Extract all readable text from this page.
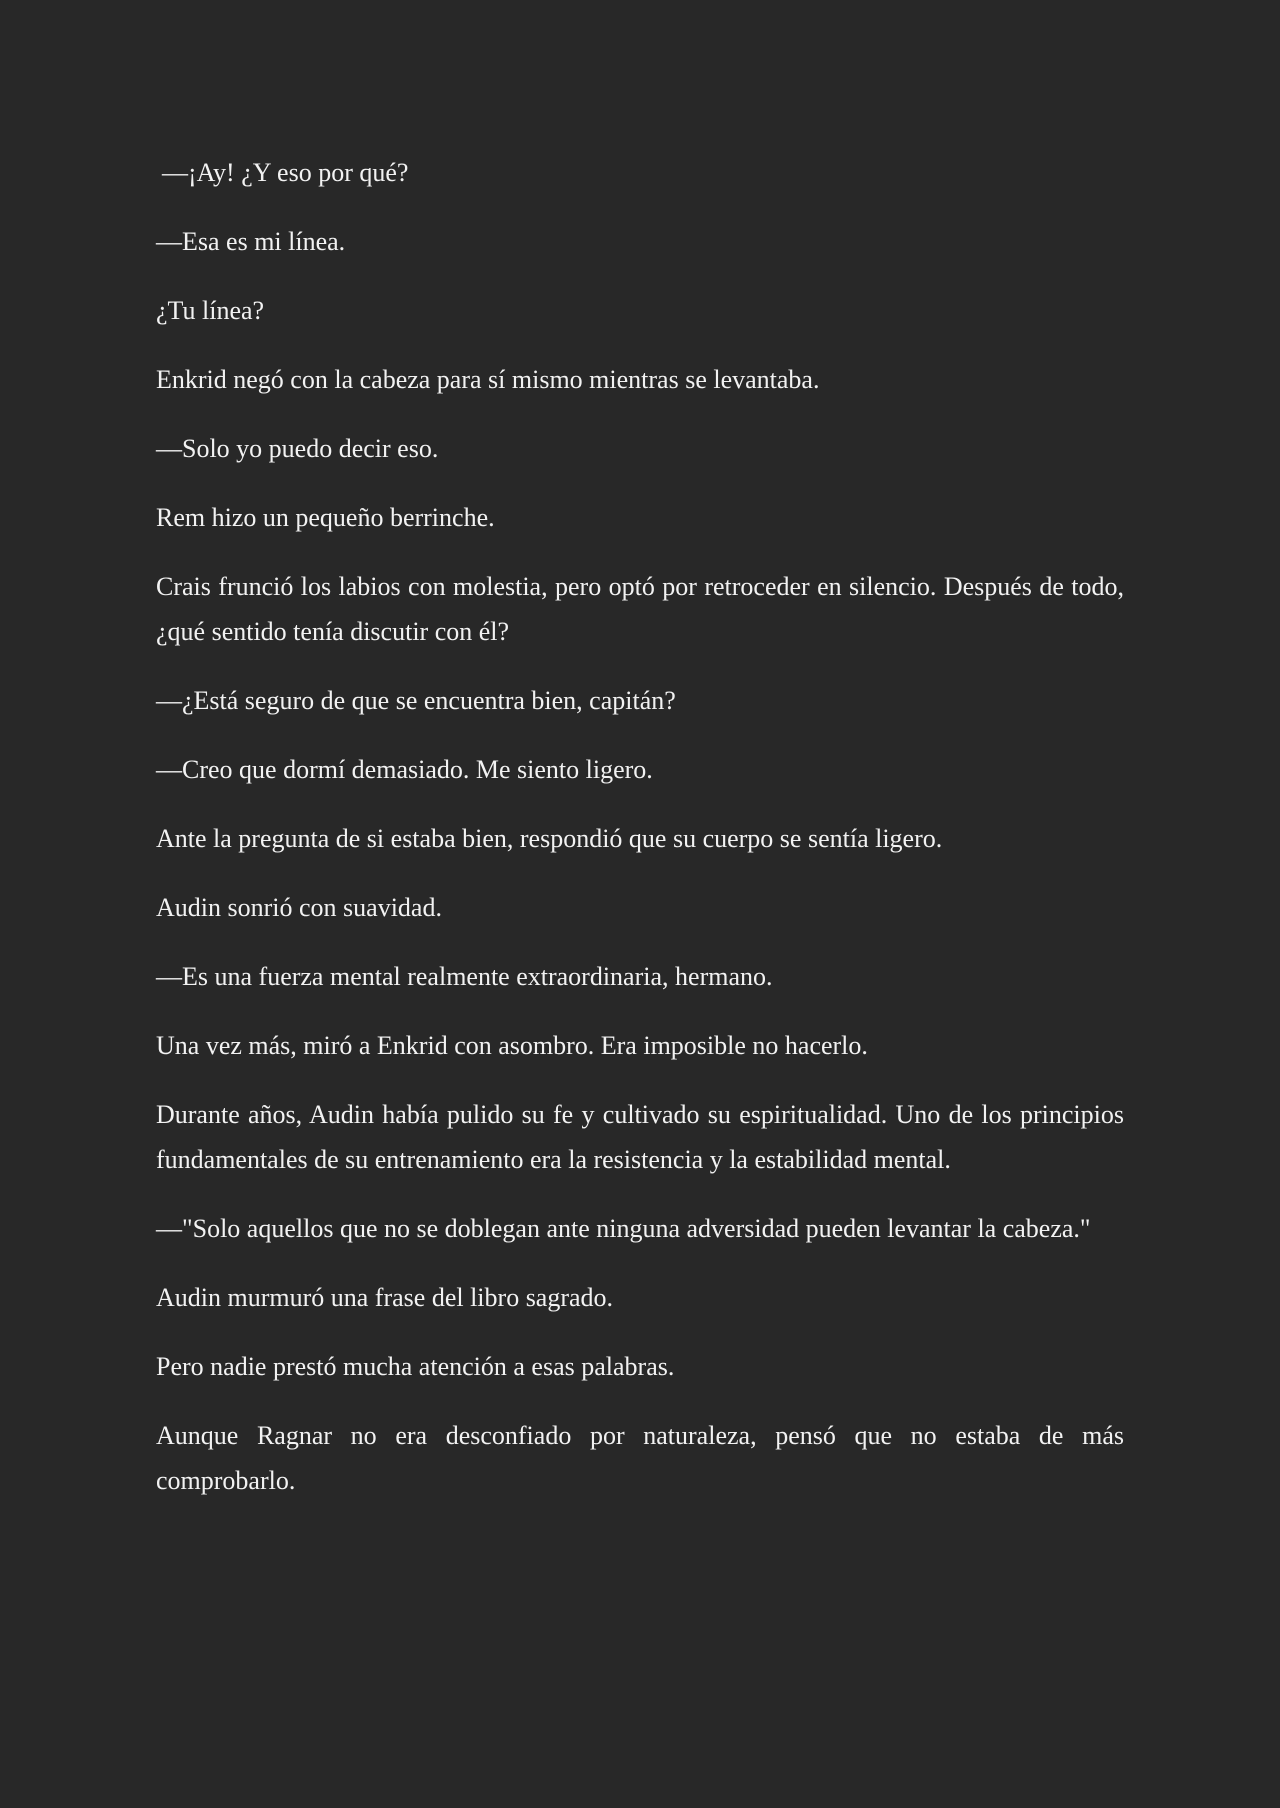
—¡Ay! ¿Y eso por qué?

—Esa es mi línea.

¿Tu línea?

Enkrid negó con la cabeza para sí mismo mientras se levantaba.

—Solo yo puedo decir eso.

Rem hizo un pequeño berrinche.

Crais frunció los labios con molestia, pero optó por retroceder en silencio. Después de todo, ¿qué sentido tenía discutir con él?

—¿Está seguro de que se encuentra bien, capitán?

—Creo que dormí demasiado. Me siento ligero.

Ante la pregunta de si estaba bien, respondió que su cuerpo se sentía ligero.

Audin sonrió con suavidad.

—Es una fuerza mental realmente extraordinaria, hermano.

Una vez más, miró a Enkrid con asombro. Era imposible no hacerlo.

Durante años, Audin había pulido su fe y cultivado su espiritualidad. Uno de los principios fundamentales de su entrenamiento era la resistencia y la estabilidad mental.

—"Solo aquellos que no se doblegan ante ninguna adversidad pueden levantar la cabeza."

Audin murmuró una frase del libro sagrado.

Pero nadie prestó mucha atención a esas palabras.

Aunque Ragnar no era desconfiado por naturaleza, pensó que no estaba de más comprobarlo.
